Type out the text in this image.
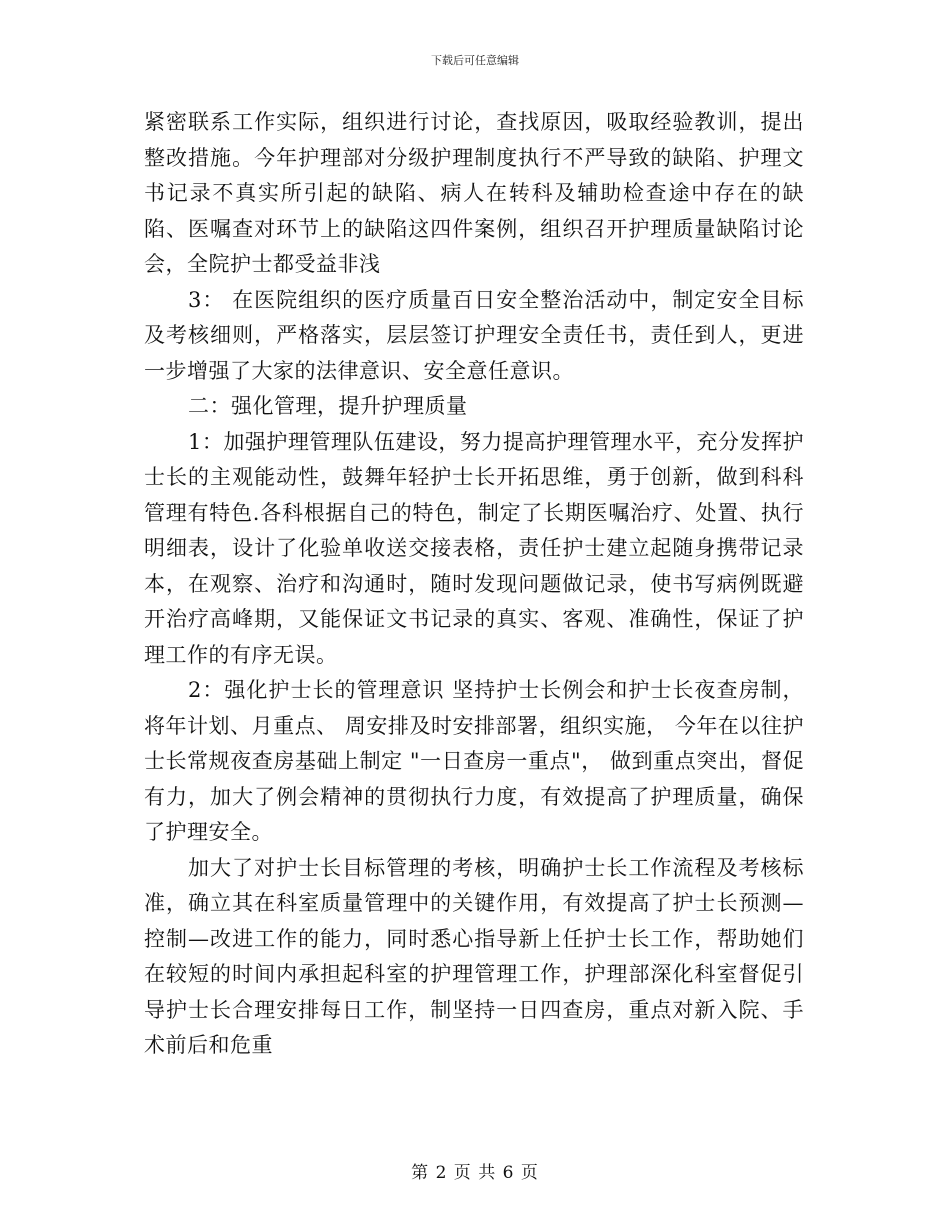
下载后可任意编辑

紧密联系工作实际，组织进行讨论，查找原因，吸取经验教训，提出整改措施。今年护理部对分级护理制度执行不严导致的缺陷、护理文书记录不真实所引起的缺陷、病人在转科及辅助检查途中存在的缺陷、医嘱查对环节上的缺陷这四件案例，组织召开护理质量缺陷讨论会，全院护士都受益非浅

3： 在医院组织的医疗质量百日安全整治活动中，制定安全目标及考核细则，严格落实，层层签订护理安全责任书，责任到人，更进一步增强了大家的法律意识、安全意任意识。

二：强化管理，提升护理质量

1：加强护理管理队伍建设，努力提高护理管理水平，充分发挥护士长的主观能动性，鼓舞年轻护士长开拓思维，勇于创新，做到科科管理有特色.各科根据自己的特色，制定了长期医嘱治疗、处置、执行明细表，设计了化验单收送交接表格，责任护士建立起随身携带记录本，在观察、治疗和沟通时，随时发现问题做记录，使书写病例既避开治疗高峰期，又能保证文书记录的真实、客观、准确性，保证了护理工作的有序无误。

2：强化护士长的管理意识 坚持护士长例会和护士长夜查房制，将年计划、月重点、 周安排及时安排部署，组织实施， 今年在以往护士长常规夜查房基础上制定 "一日查房一重点"， 做到重点突出，督促有力，加大了例会精神的贯彻执行力度，有效提高了护理质量，确保了护理安全。

加大了对护士长目标管理的考核，明确护士长工作流程及考核标准，确立其在科室质量管理中的关键作用，有效提高了护士长预测—控制—改进工作的能力，同时悉心指导新上任护士长工作，帮助她们在较短的时间内承担起科室的护理管理工作，护理部深化科室督促引导护士长合理安排每日工作，制坚持一日四查房，重点对新入院、手术前后和危重

第 2 页 共 6 页
